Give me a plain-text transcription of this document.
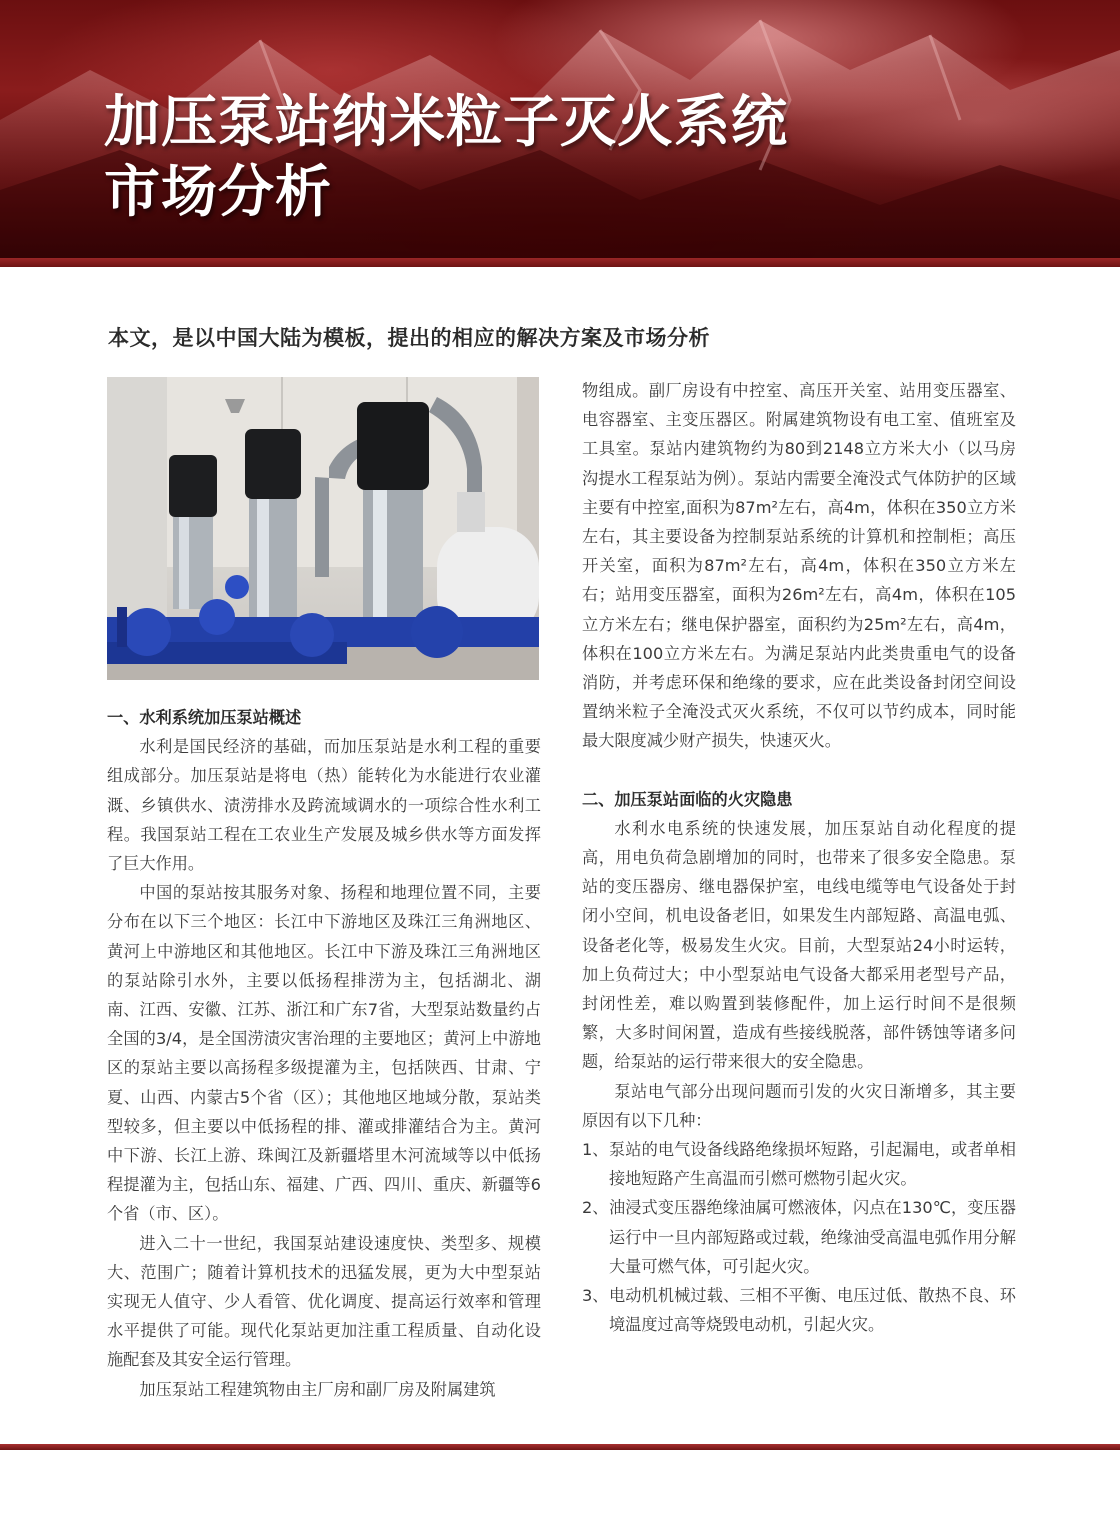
加压泵站纳米粒子灭火系统
市场分析
本文，是以中国大陆为模板，提出的相应的解决方案及市场分析
一、水利系统加压泵站概述

水利是国民经济的基础，而加压泵站是水利工程的重要组成部分。加压泵站是将电（热）能转化为水能进行农业灌溉、乡镇供水、渍涝排水及跨流域调水的一项综合性水利工程。我国泵站工程在工农业生产发展及城乡供水等方面发挥了巨大作用。

中国的泵站按其服务对象、扬程和地理位置不同，主要分布在以下三个地区：长江中下游地区及珠江三角洲地区、黄河上中游地区和其他地区。长江中下游及珠江三角洲地区的泵站除引水外，主要以低扬程排涝为主，包括湖北、湖南、江西、安徽、江苏、浙江和广东7省，大型泵站数量约占全国的3/4，是全国涝渍灾害治理的主要地区；黄河上中游地区的泵站主要以高扬程多级提灌为主，包括陕西、甘肃、宁夏、山西、内蒙古5个省（区）；其他地区地域分散，泵站类型较多，但主要以中低扬程的排、灌或排灌结合为主。黄河中下游、长江上游、珠闽江及新疆塔里木河流域等以中低扬程提灌为主，包括山东、福建、广西、四川、重庆、新疆等6个省（市、区）。

进入二十一世纪，我国泵站建设速度快、类型多、规模大、范围广；随着计算机技术的迅猛发展，更为大中型泵站实现无人值守、少人看管、优化调度、提高运行效率和管理水平提供了可能。现代化泵站更加注重工程质量、自动化设施配套及其安全运行管理。

加压泵站工程建筑物由主厂房和副厂房及附属建筑

物组成。副厂房设有中控室、高压开关室、站用变压器室、电容器室、主变压器区。附属建筑物设有电工室、值班室及工具室。泵站内建筑物约为80到2148立方米大小（以马房沟提水工程泵站为例）。泵站内需要全淹没式气体防护的区域主要有中控室,面积为87m²左右，高4m，体积在350立方米左右，其主要设备为控制泵站系统的计算机和控制柜；高压开关室，面积为87m²左右，高4m，体积在350立方米左右；站用变压器室，面积为26m²左右，高4m，体积在105立方米左右；继电保护器室，面积约为25m²左右，高4m，体积在100立方米左右。为满足泵站内此类贵重电气的设备消防，并考虑环保和绝缘的要求，应在此类设备封闭空间设置纳米粒子全淹没式灭火系统，不仅可以节约成本，同时能最大限度减少财产损失，快速灭火。

二、加压泵站面临的火灾隐患

水利水电系统的快速发展，加压泵站自动化程度的提高，用电负荷急剧增加的同时，也带来了很多安全隐患。泵站的变压器房、继电器保护室，电线电缆等电气设备处于封闭小空间，机电设备老旧，如果发生内部短路、高温电弧、设备老化等，极易发生火灾。目前，大型泵站24小时运转，加上负荷过大；中小型泵站电气设备大都采用老型号产品，封闭性差，难以购置到装修配件，加上运行时间不是很频繁，大多时间闲置，造成有些接线脱落，部件锈蚀等诸多问题，给泵站的运行带来很大的安全隐患。

泵站电气部分出现问题而引发的火灾日渐增多，其主要原因有以下几种：

1、 泵站的电气设备线路绝缘损坏短路，引起漏电，或者单相接地短路产生高温而引燃可燃物引起火灾。
2、 油浸式变压器绝缘油属可燃液体，闪点在130℃，变压器运行中一旦内部短路或过载，绝缘油受高温电弧作用分解大量可燃气体，可引起火灾。
3、 电动机机械过载、三相不平衡、电压过低、散热不良、环境温度过高等烧毁电动机，引起火灾。
